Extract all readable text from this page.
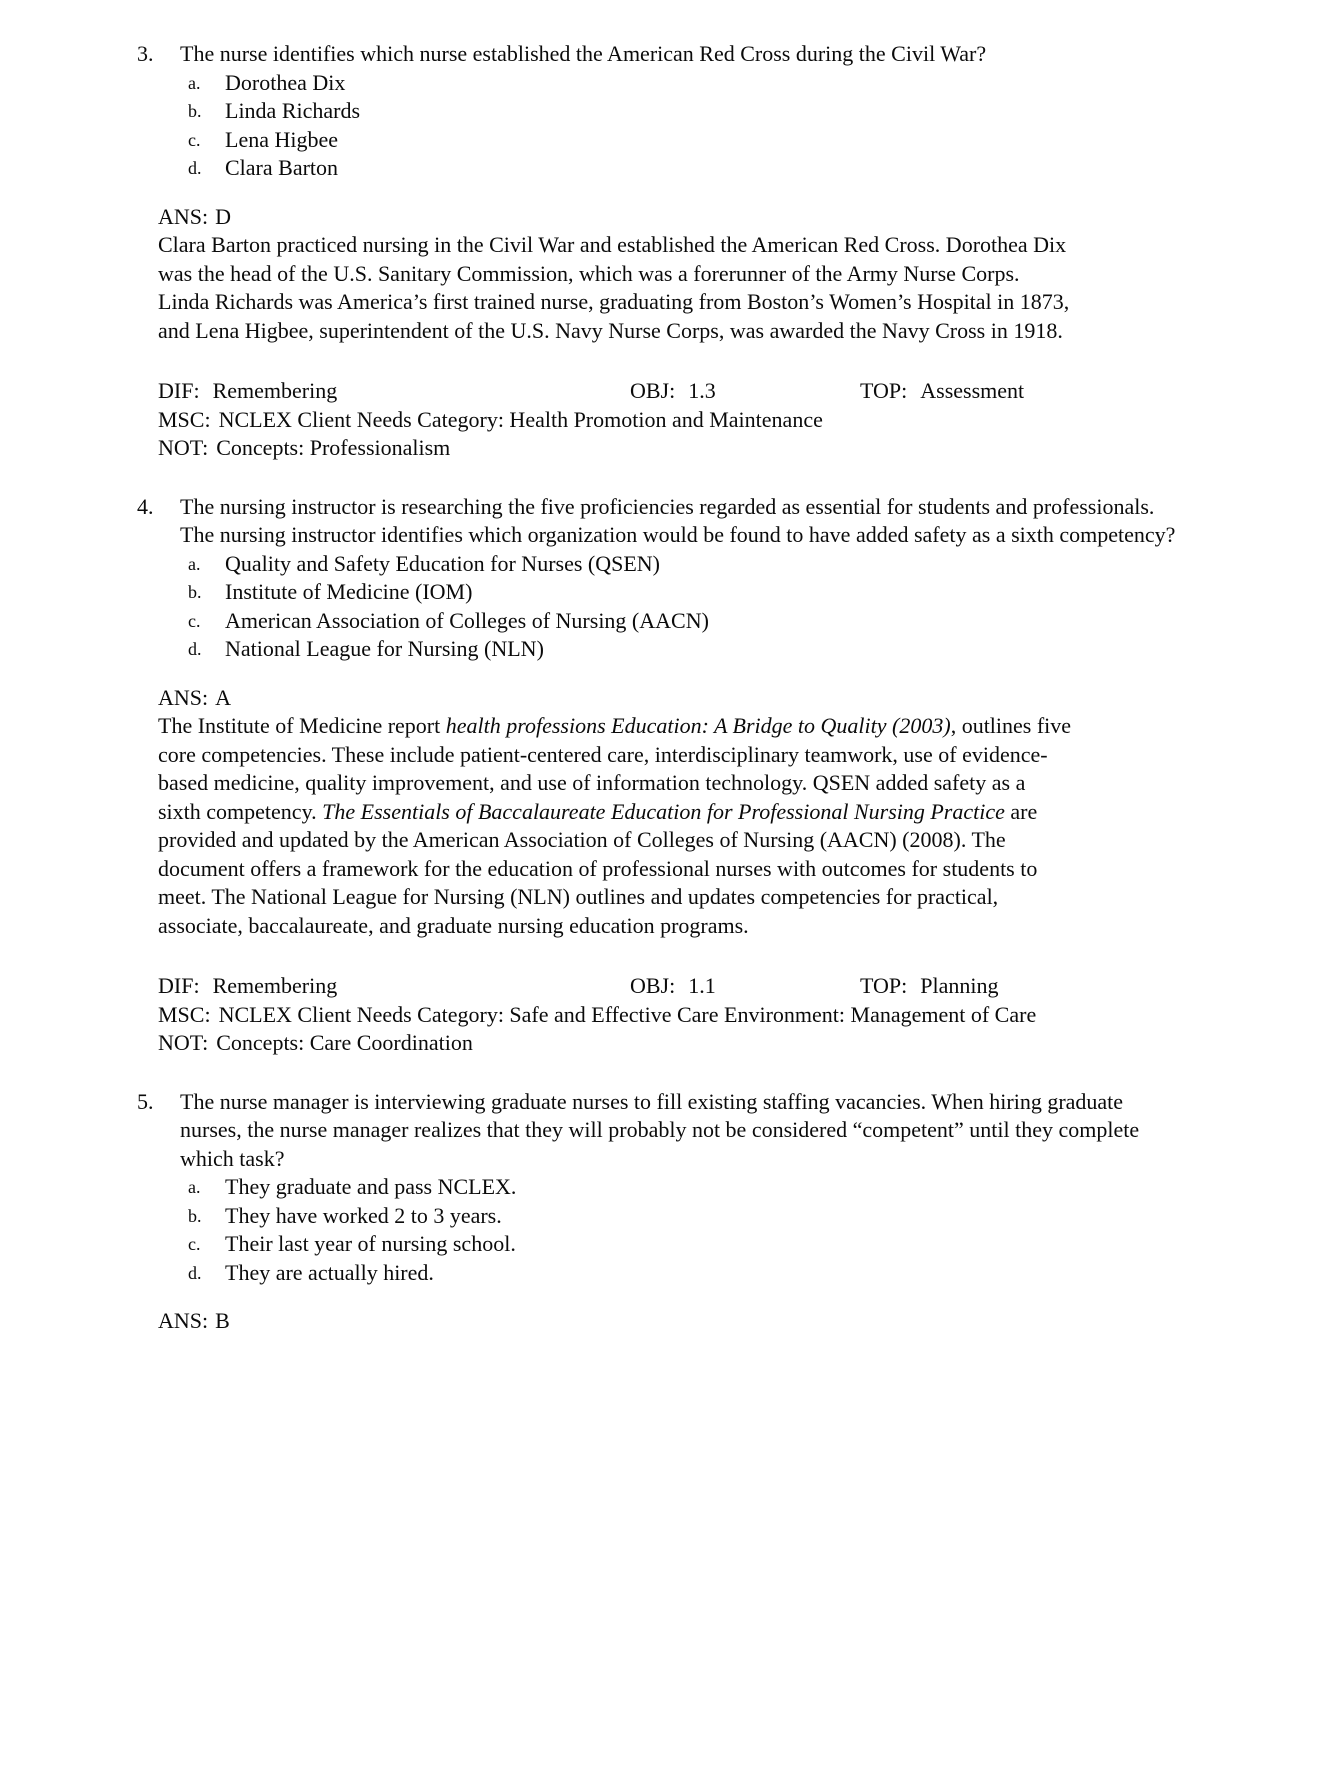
3.	The nurse identifies which nurse established the American Red Cross during the Civil War?
a.	Dorothea Dix
b.	Linda Richards
c.	Lena Higbee
d.	Clara Barton
ANS: D
Clara Barton practiced nursing in the Civil War and established the American Red Cross. Dorothea Dix was the head of the U.S. Sanitary Commission, which was a forerunner of the Army Nurse Corps. Linda Richards was America’s first trained nurse, graduating from Boston’s Women’s Hospital in 1873, and Lena Higbee, superintendent of the U.S. Navy Nurse Corps, was awarded the Navy Cross in 1918.
DIF: Remembering	OBJ: 1.3	TOP: Assessment
MSC: NCLEX Client Needs Category: Health Promotion and Maintenance
NOT: Concepts: Professionalism
4.	The nursing instructor is researching the five proficiencies regarded as essential for students and professionals. The nursing instructor identifies which organization would be found to have added safety as a sixth competency?
a.	Quality and Safety Education for Nurses (QSEN)
b.	Institute of Medicine (IOM)
c.	American Association of Colleges of Nursing (AACN)
d.	National League for Nursing (NLN)
ANS: A
The Institute of Medicine report health professions Education: A Bridge to Quality (2003), outlines five core competencies. These include patient-centered care, interdisciplinary teamwork, use of evidence-based medicine, quality improvement, and use of information technology. QSEN added safety as a sixth competency. The Essentials of Baccalaureate Education for Professional Nursing Practice are provided and updated by the American Association of Colleges of Nursing (AACN) (2008). The document offers a framework for the education of professional nurses with outcomes for students to meet. The National League for Nursing (NLN) outlines and updates competencies for practical, associate, baccalaureate, and graduate nursing education programs.
DIF: Remembering	OBJ: 1.1	TOP: Planning
MSC: NCLEX Client Needs Category: Safe and Effective Care Environment: Management of Care
NOT: Concepts: Care Coordination
5.	The nurse manager is interviewing graduate nurses to fill existing staffing vacancies. When hiring graduate nurses, the nurse manager realizes that they will probably not be considered “competent” until they complete which task?
a.	They graduate and pass NCLEX.
b.	They have worked 2 to 3 years.
c.	Their last year of nursing school.
d.	They are actually hired.
ANS: B
